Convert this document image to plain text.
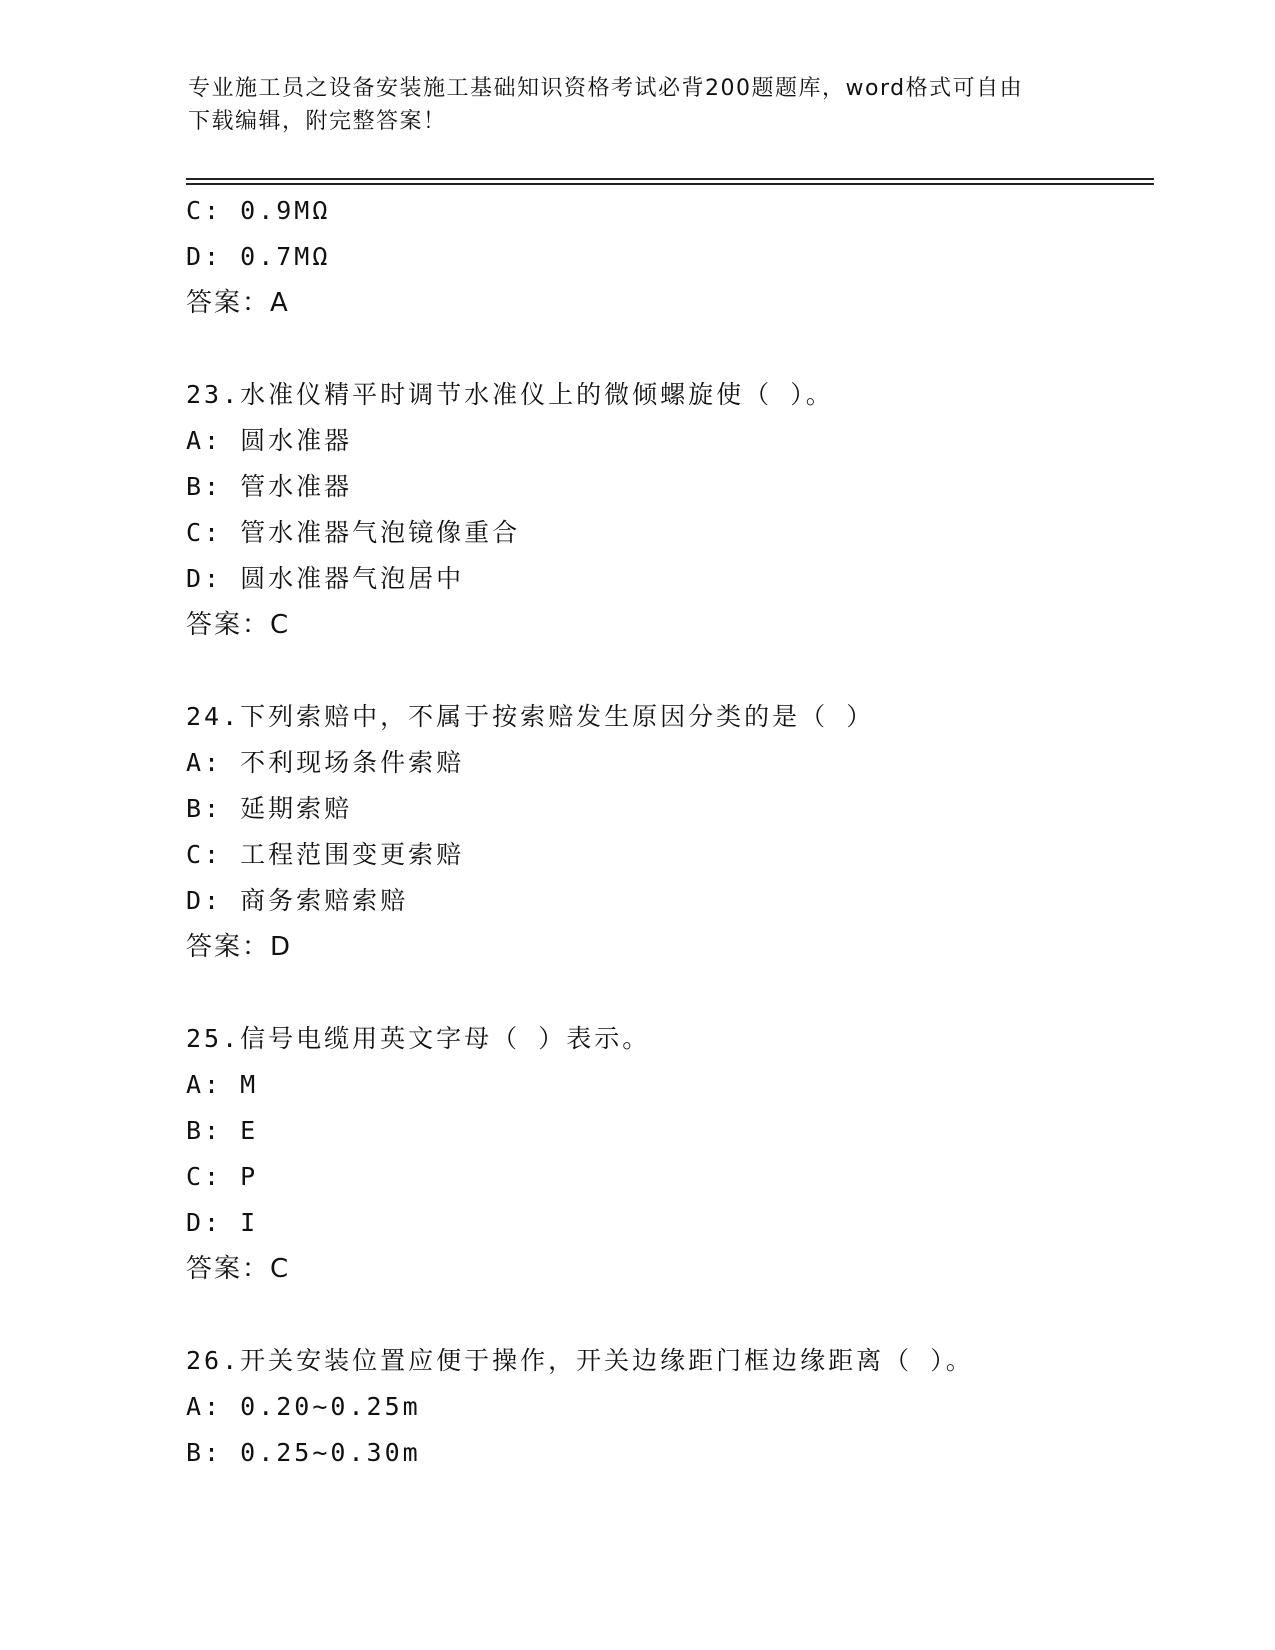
专业施工员之设备安装施工基础知识资格考试必背200题题库，word格式可自由
下载编辑，附完整答案！
C: 0.9MΩ
D: 0.7MΩ
答案：A
23.水准仪精平时调节水准仪上的微倾螺旋使（ ）。
A: 圆水准器
B: 管水准器
C: 管水准器气泡镜像重合
D: 圆水准器气泡居中
答案：C
24.下列索赔中，不属于按索赔发生原因分类的是（ ）
A: 不利现场条件索赔
B: 延期索赔
C: 工程范围变更索赔
D: 商务索赔索赔
答案：D
25.信号电缆用英文字母（ ）表示。
A: M
B: E
C: P
D: I
答案：C
26.开关安装位置应便于操作，开关边缘距门框边缘距离（ ）。
A: 0.20~0.25m
B: 0.25~0.30m
